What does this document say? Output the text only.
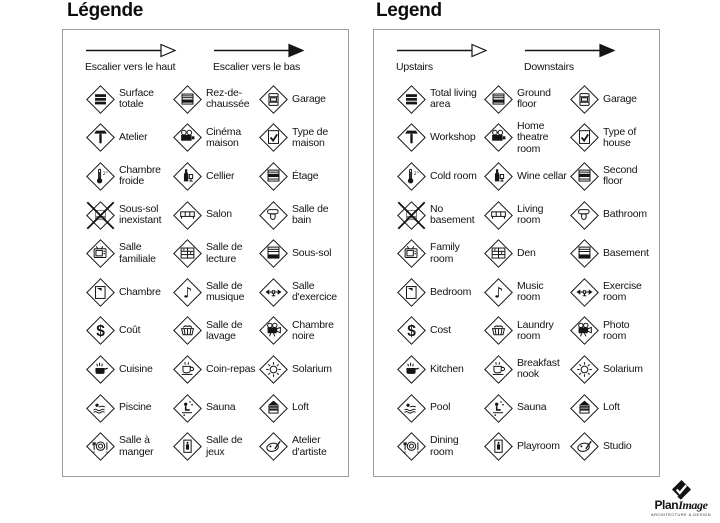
Légende	Legend
Escalier vers le haut	Escalier vers le bas
Surface totale
Rez-de-chaussée	Garage
Atelier	Cinéma maison
Type de maison
2° Chambre froide	Cellier	Étage
Sous-sol inexistant	Salon	Salle de bain
Salle familiale
Salle de lecture	Sous-sol
Chambre ♪ Salle de musique
Salle d'exercice
$ Coût	Salle de lavage
Chambre noire
Cuisine	Coin-repas	Solarium
Piscine	Sauna	Loft
Salle à manger
Salle de jeux
Atelier d'artiste
Upstairs	Downstairs
Total living area
Ground floor	Garage
Workshop
Home theatre room
Type of house
2° Cold room	Wine cellar	Second floor
No basement
Living room	Bathroom
Family room	Den	Basement
Bedroom ♪ Music room
Exercise room
$ Cost	Laundry room
Photo room
Kitchen	Breakfast nook	Solarium
Pool	Sauna	Loft
Dining room	Playroom	Studio
PlanImage
ARCHITECTURE & DESIGN
